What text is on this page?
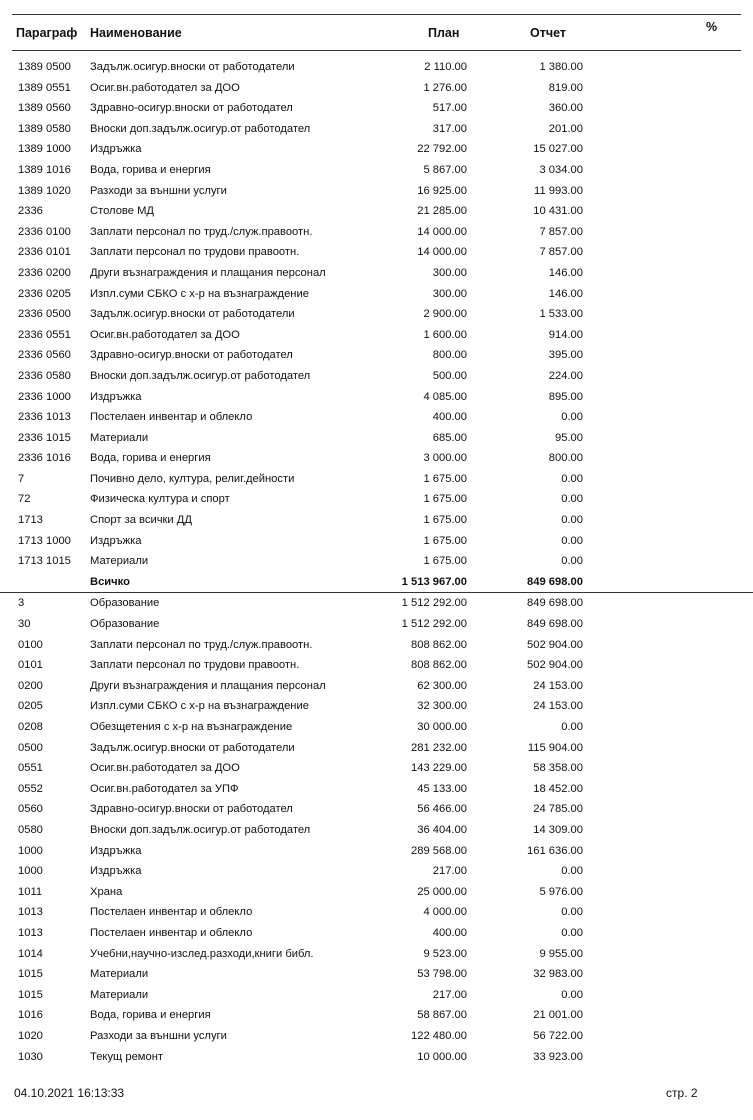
Параграф Наименование	План	Отчет	%
1389 0500 Задълж.осигур.вноски от работодатели	2 110.00	1 380.00
1389 0551 Осиг.вн.работодател за ДОО	1 276.00	819.00
1389 0560 Здравно-осигур.вноски от работодател	517.00	360.00
1389 0580 Вноски доп.задълж.осигур.от работодател	317.00	201.00
1389 1000 Издръжка	22 792.00	15 027.00
1389 1016 Вода, горива и енергия	5 867.00	3 034.00
1389 1020 Разходи за външни услуги	16 925.00	11 993.00
2336	Столове МД	21 285.00	10 431.00
2336 0100 Заплати персонал по труд./служ.правоотн.	14 000.00	7 857.00
2336 0101 Заплати персонал по трудови правоотн.	14 000.00	7 857.00
2336 0200 Други възнаграждения и плащания персонал	300.00	146.00
2336 0205 Изпл.суми СБКО с х-р на възнаграждение	300.00	146.00
2336 0500 Задълж.осигур.вноски от работодатели	2 900.00	1 533.00
2336 0551 Осиг.вн.работодател за ДОО	1 600.00	914.00
2336 0560 Здравно-осигур.вноски от работодател	800.00	395.00
2336 0580 Вноски доп.задълж.осигур.от работодател	500.00	224.00
2336 1000 Издръжка	4 085.00	895.00
2336 1013 Постелаен инвентар и облекло	400.00	0.00
2336 1015 Материали	685.00	95.00
2336 1016 Вода, горива и енергия	3 000.00	800.00
7	Почивно дело, култура, религ.дейности	1 675.00	0.00
72	Физическа култура и спорт	1 675.00	0.00
1713	Спорт за всички ДД	1 675.00	0.00
1713 1000 Издръжка	1 675.00	0.00
1713 1015 Материали	1 675.00	0.00
Всичко	1 513 967.00	849 698.00
3	Образование	1 512 292.00	849 698.00
30	Образование	1 512 292.00	849 698.00
0100	Заплати персонал по труд./служ.правоотн.	808 862.00	502 904.00
0101	Заплати персонал по трудови правоотн.	808 862.00	502 904.00
0200	Други възнаграждения и плащания персонал	62 300.00	24 153.00
0205	Изпл.суми СБКО с х-р на възнаграждение	32 300.00	24 153.00
0208	Обезщетения с х-р на възнаграждение	30 000.00	0.00
0500	Задълж.осигур.вноски от работодатели	281 232.00	115 904.00
0551	Осиг.вн.работодател за ДОО	143 229.00	58 358.00
0552	Осиг.вн.работодател за УПФ	45 133.00	18 452.00
0560	Здравно-осигур.вноски от работодател	56 466.00	24 785.00
0580	Вноски доп.задълж.осигур.от работодател	36 404.00	14 309.00
1000	Издръжка	289 568.00	161 636.00
1000	Издръжка	217.00	0.00
1011	Храна	25 000.00	5 976.00
1013	Постелаен инвентар и облекло	4 000.00	0.00
1013	Постелаен инвентар и облекло	400.00	0.00
1014	Учебни,научно-изслед.разходи,книги библ.	9 523.00	9 955.00
1015	Материали	53 798.00	32 983.00
1015	Материали	217.00	0.00
1016	Вода, горива и енергия	58 867.00	21 001.00
1020	Разходи за външни услуги	122 480.00	56 722.00
1030	Текущ ремонт	10 000.00	33 923.00
04.10.2021 16:13:33	стр. 2
